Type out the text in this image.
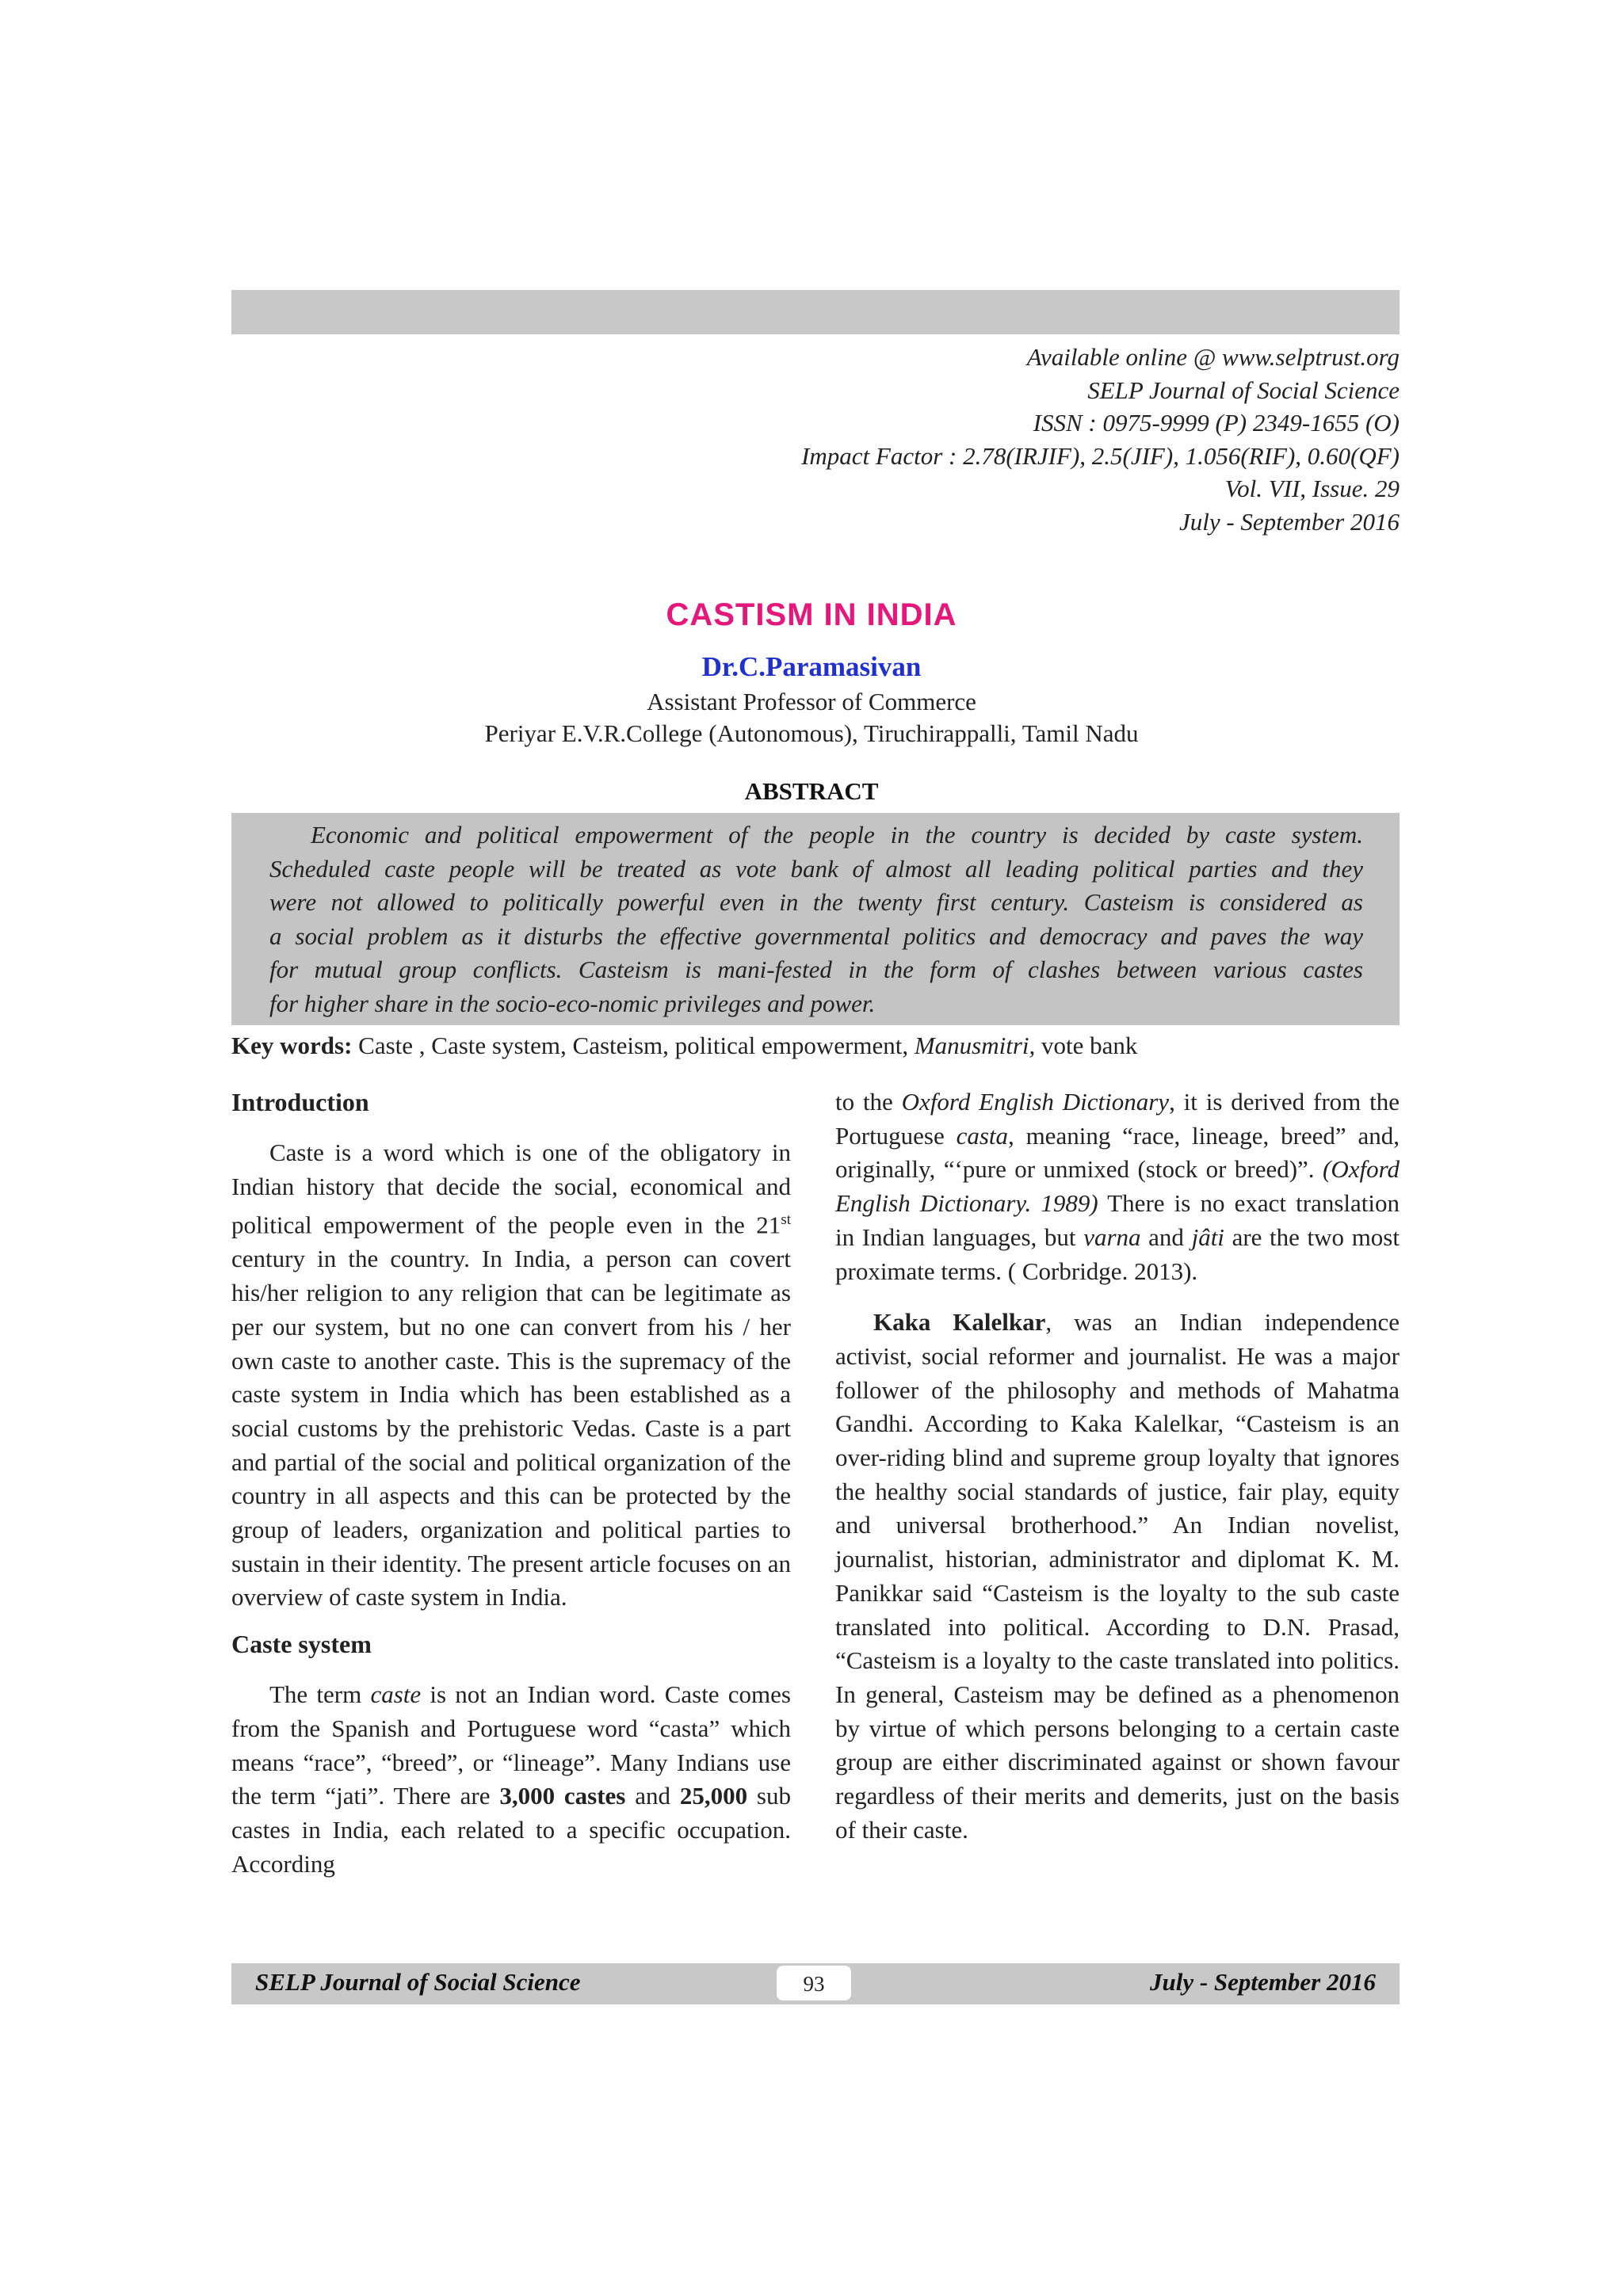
Available online @ www.selptrust.org
SELP Journal of Social Science
ISSN : 0975-9999 (P) 2349-1655 (O)
Impact Factor : 2.78(IRJIF), 2.5(JIF), 1.056(RIF), 0.60(QF)
Vol. VII, Issue. 29
July - September 2016
CASTISM IN INDIA
Dr.C.Paramasivan
Assistant Professor of Commerce
Periyar E.V.R.College (Autonomous), Tiruchirappalli, Tamil Nadu
ABSTRACT
Economic and political empowerment of the people in the country is decided by caste system.
Scheduled caste people will be treated as vote bank of almost all leading political parties and they
were not allowed to politically powerful even in the twenty first century. Casteism is considered as
a social problem as it disturbs the effective governmental politics and democracy and paves the way
for mutual group conflicts. Casteism is mani-fested in the form of clashes between various castes
for higher share in the socio-eco-nomic privileges and power.
Key words: Caste , Caste system, Casteism, political empowerment, Manusmitri, vote bank
Introduction

Caste is a word which is one of the obligatory in Indian history that decide the social, economical and political empowerment of the people even in the 21st century in the country. In India, a person can covert his/her religion to any religion that can be legitimate as per our system, but no one can convert from his / her own caste to another caste. This is the supremacy of the caste system in India which has been established as a social customs by the prehistoric Vedas. Caste is a part and partial of the social and political organization of the country in all aspects and this can be protected by the group of leaders, organization and political parties to sustain in their identity. The present article focuses on an overview of caste system in India.

Caste system

The term caste is not an Indian word. Caste comes from the Spanish and Portuguese word “casta” which means “race”, “breed”, or “lineage”. Many Indians use the term “jati”. There are 3,000 castes and 25,000 sub castes in India, each related to a specific occupation. According

to the Oxford English Dictionary, it is derived from the Portuguese casta, meaning “race, lineage, breed” and, originally, “‘pure or unmixed (stock or breed)”. (Oxford English Dictionary. 1989) There is no exact translation in Indian languages, but varna and jâti are the two most proximate terms. ( Corbridge. 2013).

Kaka Kalelkar, was an Indian independence activist, social reformer and journalist. He was a major follower of the philosophy and methods of Mahatma Gandhi. According to Kaka Kalelkar, “Casteism is an over-riding blind and supreme group loyalty that ignores the healthy social standards of justice, fair play, equity and universal brotherhood.” An Indian novelist, journalist, historian, administrator and diplomat K. M. Panikkar said “Casteism is the loyalty to the sub caste translated into political. According to D.N. Prasad, “Casteism is a loyalty to the caste translated into politics. In general, Casteism may be defined as a phenomenon by virtue of which persons belonging to a certain caste group are either discriminated against or shown favour regardless of their merits and demerits, just on the basis of their caste.

SELP Journal of Social Science	93	July - September 2016
